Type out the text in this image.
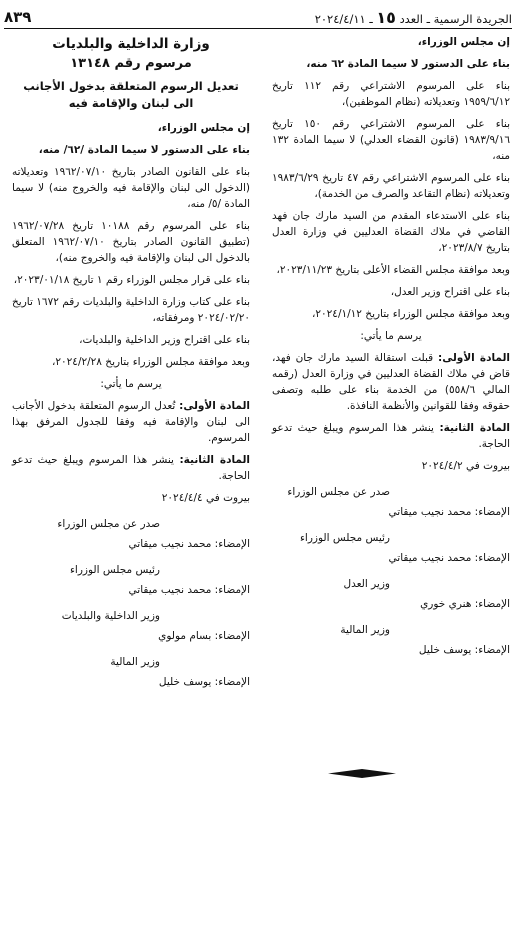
الجريدة الرسمية ـ العدد ١٥ ـ ٢٠٢٤/٤/١١
٨٣٩

إن مجلس الوزراء،

بناء على الدستور لا سيما المادة ٦٢ منه،

بناء على المرسوم الاشتراعي رقم ١١٢ تاريخ ١٩٥٩/٦/١٢ وتعديلاته (نظام الموظفين)،

بناء على المرسوم الاشتراعي رقم ١٥٠ تاريخ ١٩٨٣/٩/١٦ (قانون القضاء العدلي) لا سيما المادة ١٣٢ منه،

بناء على المرسوم الاشتراعي رقم ٤٧ تاريخ ١٩٨٣/٦/٢٩ وتعديلاته (نظام التقاعد والصرف من الخدمة)،

بناء على الاستدعاء المقدم من السيد مارك جان فهد القاضي في ملاك القضاة العدليين في وزارة العدل بتاريخ ٢٠٢٣/٨/٧،

وبعد موافقة مجلس القضاء الأعلى بتاريخ ٢٠٢٣/١١/٢٣،

بناء على اقتراح وزير العدل،

وبعد موافقة مجلس الوزراء بتاريخ ٢٠٢٤/١/١٢،

يرسم ما يأتي:

المادة الأولى: قبلت استقالة السيد مارك جان فهد، قاض في ملاك القضاة العدليين في وزارة العدل (رقمه المالي ٥٥٨/٦) من الخدمة بناء على طلبه وتصفى حقوقه وفقا للقوانين والأنظمة النافذة.

المادة الثانية: ينشر هذا المرسوم ويبلغ حيث تدعو الحاجة.

بيروت في ٢٠٢٤/٤/٢

صدر عن مجلس الوزراء
الإمضاء: محمد نجيب ميقاتي
رئيس مجلس الوزراء
الإمضاء: محمد نجيب ميقاتي
وزير العدل
الإمضاء: هنري خوري
وزير المالية
الإمضاء: يوسف خليل
وزارة الداخلية والبلديات
مرسوم رقم ١٣١٤٨
تعديل الرسوم المتعلقة بدخول الأجانب
الى لبنان والإقامة فيه

إن مجلس الوزراء،

بناء على الدستور لا سيما المادة /٦٢/ منه،

بناء على القانون الصادر بتاريخ ١٩٦٢/٠٧/١٠ وتعديلاته (الدخول الى لبنان والإقامة فيه والخروج منه) لا سيما المادة /٥/ منه،

بناء على المرسوم رقم ١٠١٨٨ تاريخ ١٩٦٢/٠٧/٢٨ (تطبيق القانون الصادر بتاريخ ١٩٦٢/٠٧/١٠ المتعلق بالدخول الى لبنان والإقامة فيه والخروج منه)،

بناء على قرار مجلس الوزراء رقم ١ تاريخ ٢٠٢٣/٠١/١٨،

بناء على كتاب وزارة الداخلية والبلديات رقم ١٦٧٢ تاريخ ٢٠٢٤/٠٢/٢٠ ومرفقاته،

بناء على اقتراح وزير الداخلية والبلديات،

وبعد موافقة مجلس الوزراء بتاريخ ٢٠٢٤/٢/٢٨،

يرسم ما يأتي:

المادة الأولى: تُعدل الرسوم المتعلقة بدخول الأجانب الى لبنان والإقامة فيه وفقا للجدول المرفق بهذا المرسوم.

المادة الثانية: ينشر هذا المرسوم ويبلغ حيث تدعو الحاجة.

بيروت في ٢٠٢٤/٤/٤

صدر عن مجلس الوزراء
الإمضاء: محمد نجيب ميقاتي
رئيس مجلس الوزراء
الإمضاء: محمد نجيب ميقاتي
وزير الداخلية والبلديات
الإمضاء: بسام مولوي
وزير المالية
الإمضاء: يوسف خليل
